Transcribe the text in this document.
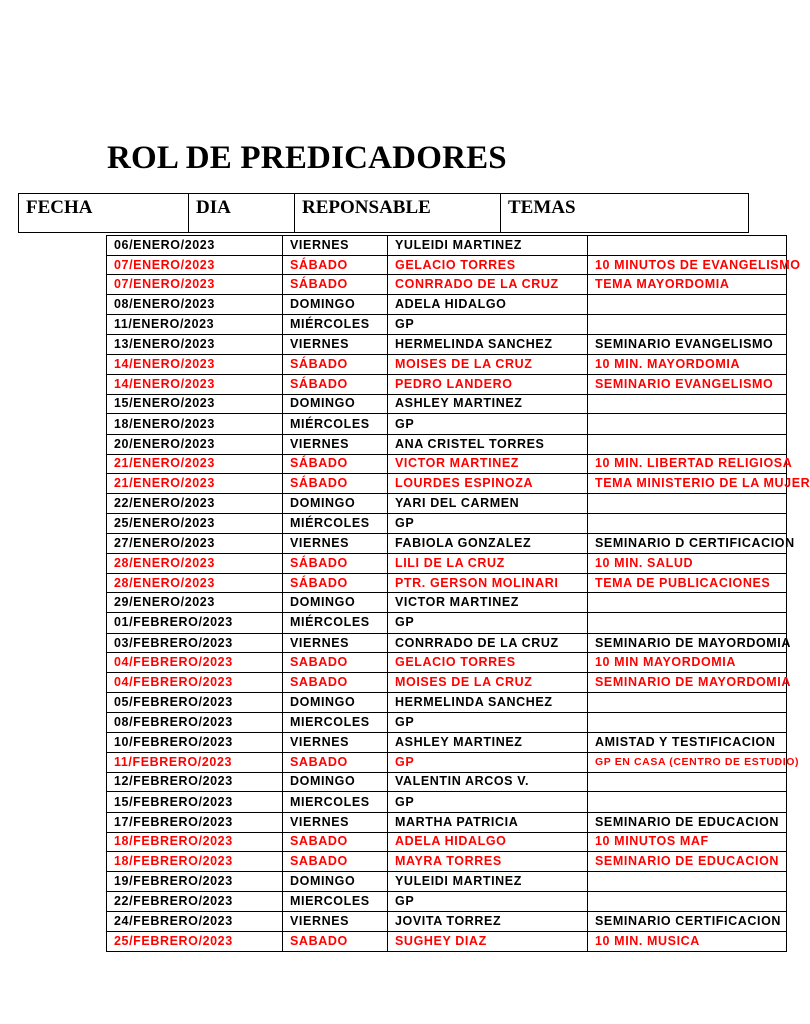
ROL DE PREDICADORES
FECHA	DIA	REPONSABLE	TEMAS
06/ENERO/2023	VIERNES	YULEIDI MARTINEZ	
07/ENERO/2023	SÁBADO	GELACIO TORRES	10 MINUTOS DE EVANGELISMO
07/ENERO/2023	SÁBADO	CONRRADO DE LA CRUZ	TEMA MAYORDOMIA
08/ENERO/2023	DOMINGO	ADELA HIDALGO	
11/ENERO/2023	MIÉRCOLES	GP	
13/ENERO/2023	VIERNES	HERMELINDA SANCHEZ	SEMINARIO EVANGELISMO
14/ENERO/2023	SÁBADO	MOISES DE LA CRUZ	10 MIN. MAYORDOMIA
14/ENERO/2023	SÁBADO	PEDRO LANDERO	SEMINARIO EVANGELISMO
15/ENERO/2023	DOMINGO	ASHLEY MARTINEZ	
18/ENERO/2023	MIÉRCOLES	GP	
20/ENERO/2023	VIERNES	ANA CRISTEL TORRES	
21/ENERO/2023	SÁBADO	VICTOR MARTINEZ	10 MIN. LIBERTAD RELIGIOSA
21/ENERO/2023	SÁBADO	LOURDES ESPINOZA	TEMA MINISTERIO DE LA MUJER
22/ENERO/2023	DOMINGO	YARI DEL CARMEN	
25/ENERO/2023	MIÉRCOLES	GP	
27/ENERO/2023	VIERNES	FABIOLA GONZALEZ	SEMINARIO D CERTIFICACION
28/ENERO/2023	SÁBADO	LILI DE LA CRUZ	10 MIN. SALUD
28/ENERO/2023	SÁBADO	PTR. GERSON MOLINARI	TEMA DE PUBLICACIONES
29/ENERO/2023	DOMINGO	VICTOR MARTINEZ	
01/FEBRERO/2023	MIÉRCOLES	GP	
03/FEBRERO/2023	VIERNES	CONRRADO DE LA CRUZ	SEMINARIO DE MAYORDOMIA
04/FEBRERO/2023	SABADO	GELACIO TORRES	10 MIN MAYORDOMIA
04/FEBRERO/2023	SABADO	MOISES DE LA CRUZ	SEMINARIO DE MAYORDOMIA
05/FEBRERO/2023	DOMINGO	HERMELINDA SANCHEZ	
08/FEBRERO/2023	MIERCOLES	GP	
10/FEBRERO/2023	VIERNES	ASHLEY MARTINEZ	AMISTAD Y TESTIFICACION
11/FEBRERO/2023	SABADO	GP	GP EN CASA (CENTRO DE ESTUDIO)
12/FEBRERO/2023	DOMINGO	VALENTIN ARCOS V.	
15/FEBRERO/2023	MIERCOLES	GP	
17/FEBRERO/2023	VIERNES	MARTHA PATRICIA	SEMINARIO DE EDUCACION
18/FEBRERO/2023	SABADO	ADELA HIDALGO	10 MINUTOS MAF
18/FEBRERO/2023	SABADO	MAYRA TORRES	SEMINARIO DE EDUCACION
19/FEBRERO/2023	DOMINGO	YULEIDI MARTINEZ	
22/FEBRERO/2023	MIERCOLES	GP	
24/FEBRERO/2023	VIERNES	JOVITA TORREZ	SEMINARIO CERTIFICACION
25/FEBRERO/2023	SABADO	SUGHEY DIAZ	10 MIN. MUSICA
